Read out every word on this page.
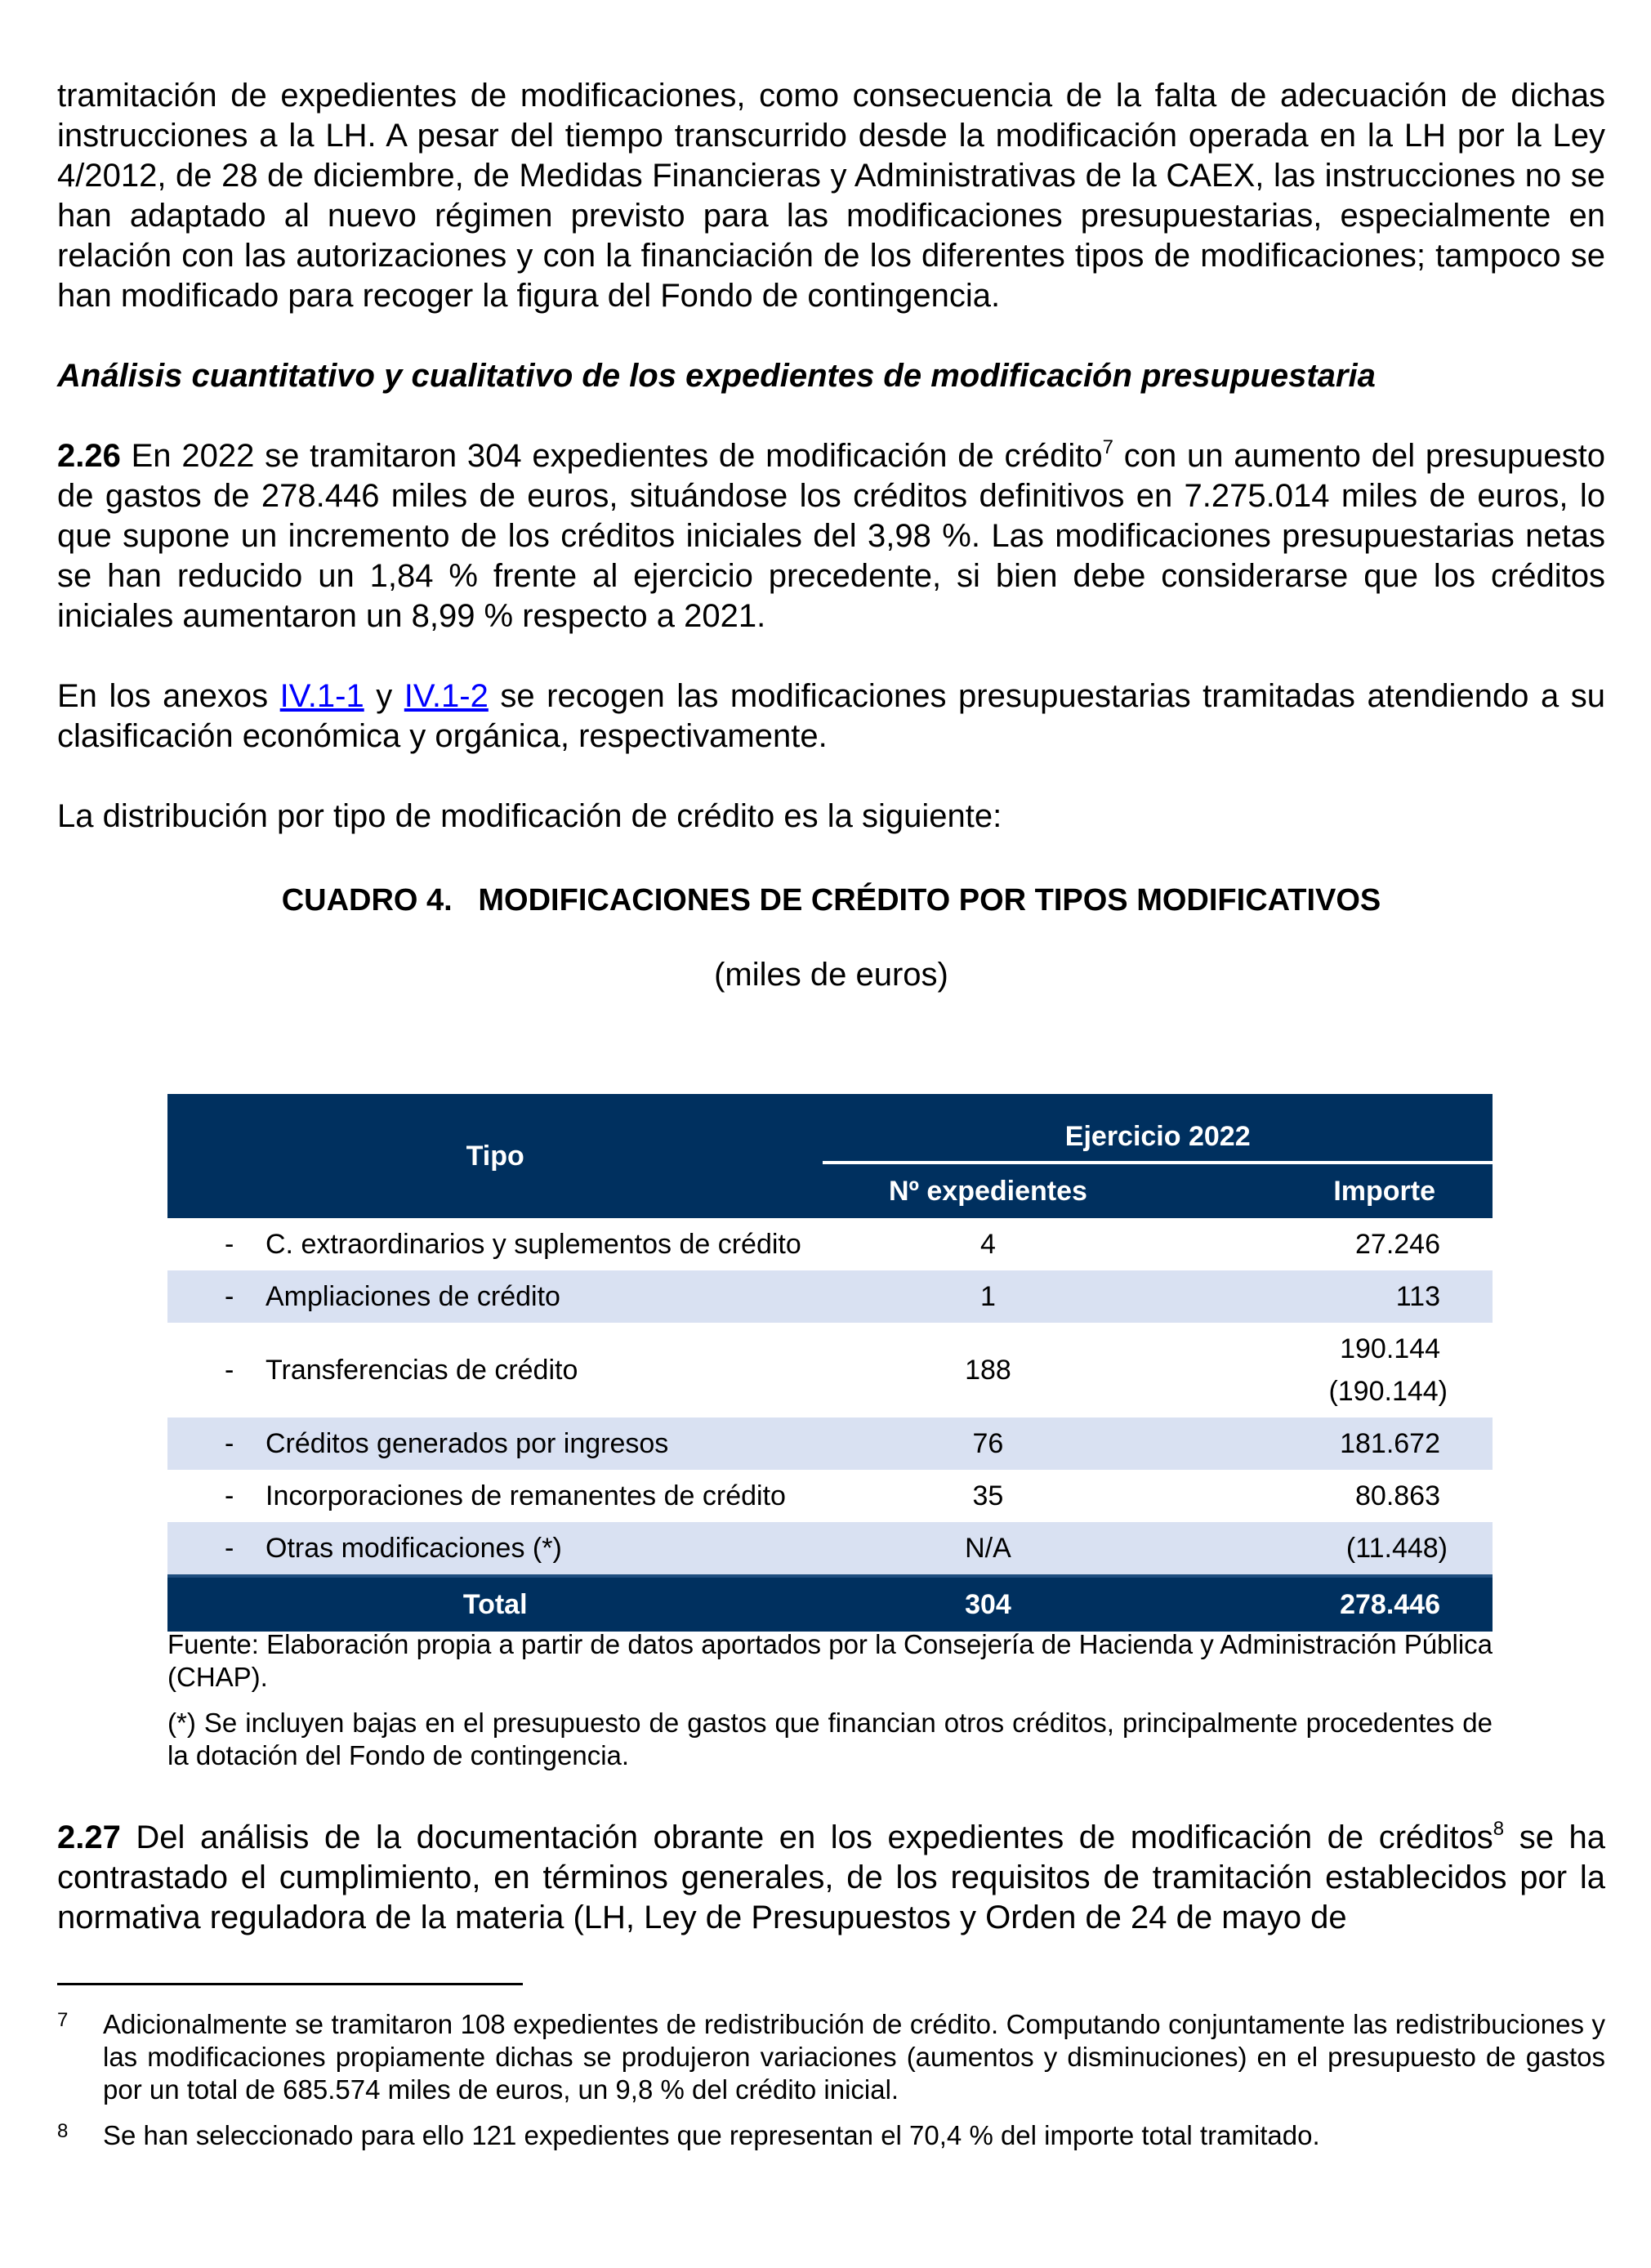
tramitación de expedientes de modificaciones, como consecuencia de la falta de adecuación de dichas instrucciones a la LH. A pesar del tiempo transcurrido desde la modificación operada en la LH por la Ley 4/2012, de 28 de diciembre, de Medidas Financieras y Administrativas de la CAEX, las instrucciones no se han adaptado al nuevo régimen previsto para las modificaciones presupuestarias, especialmente en relación con las autorizaciones y con la financiación de los diferentes tipos de modificaciones; tampoco se han modificado para recoger la figura del Fondo de contingencia.

Análisis cuantitativo y cualitativo de los expedientes de modificación presupuestaria

2.26 En 2022 se tramitaron 304 expedientes de modificación de crédito$^7$ con un aumento del presupuesto de gastos de 278.446 miles de euros, situándose los créditos definitivos en 7.275.014 miles de euros, lo que supone un incremento de los créditos iniciales del 3,98 %. Las modificaciones presupuestarias netas se han reducido un 1,84 % frente al ejercicio precedente, si bien debe considerarse que los créditos iniciales aumentaron un 8,99 % respecto a 2021.

En los anexos IV.1-1 y IV.1-2 se recogen las modificaciones presupuestarias tramitadas atendiendo a su clasificación económica y orgánica, respectivamente.

La distribución por tipo de modificación de crédito es la siguiente:

CUADRO 4.   MODIFICACIONES DE CRÉDITO POR TIPOS MODIFICATIVOS

(miles de euros)

Tipo	Ejercicio 2022	
	Nº expedientes	Importe
- C. extraordinarios y suplementos de crédito	4	27.246
- Ampliaciones de crédito	1	113
- Transferencias de crédito	188	190.144
(190.144)

- Créditos generados por ingresos	76	181.672
- Incorporaciones de remanentes de crédito	35	80.863
- Otras modificaciones (*)	N/A	(11.448)
Total	304	278.446

Fuente: Elaboración propia a partir de datos aportados por la Consejería de Hacienda y Administración Pública (CHAP).

(*) Se incluyen bajas en el presupuesto de gastos que financian otros créditos, principalmente procedentes de la dotación del Fondo de contingencia.

2.27 Del análisis de la documentación obrante en los expedientes de modificación de créditos$^8$ se ha contrastado el cumplimiento, en términos generales, de los requisitos de tramitación establecidos por la normativa reguladora de la materia (LH, Ley de Presupuestos y Orden de 24 de mayo de

7	Adicionalmente se tramitaron 108 expedientes de redistribución de crédito. Computando conjuntamente las redistribuciones y las modificaciones propiamente dichas se produjeron variaciones (aumentos y disminuciones) en el presupuesto de gastos por un total de 685.574 miles de euros, un 9,8 % del crédito inicial.
8	Se han seleccionado para ello 121 expedientes que representan el 70,4 % del importe total tramitado.
